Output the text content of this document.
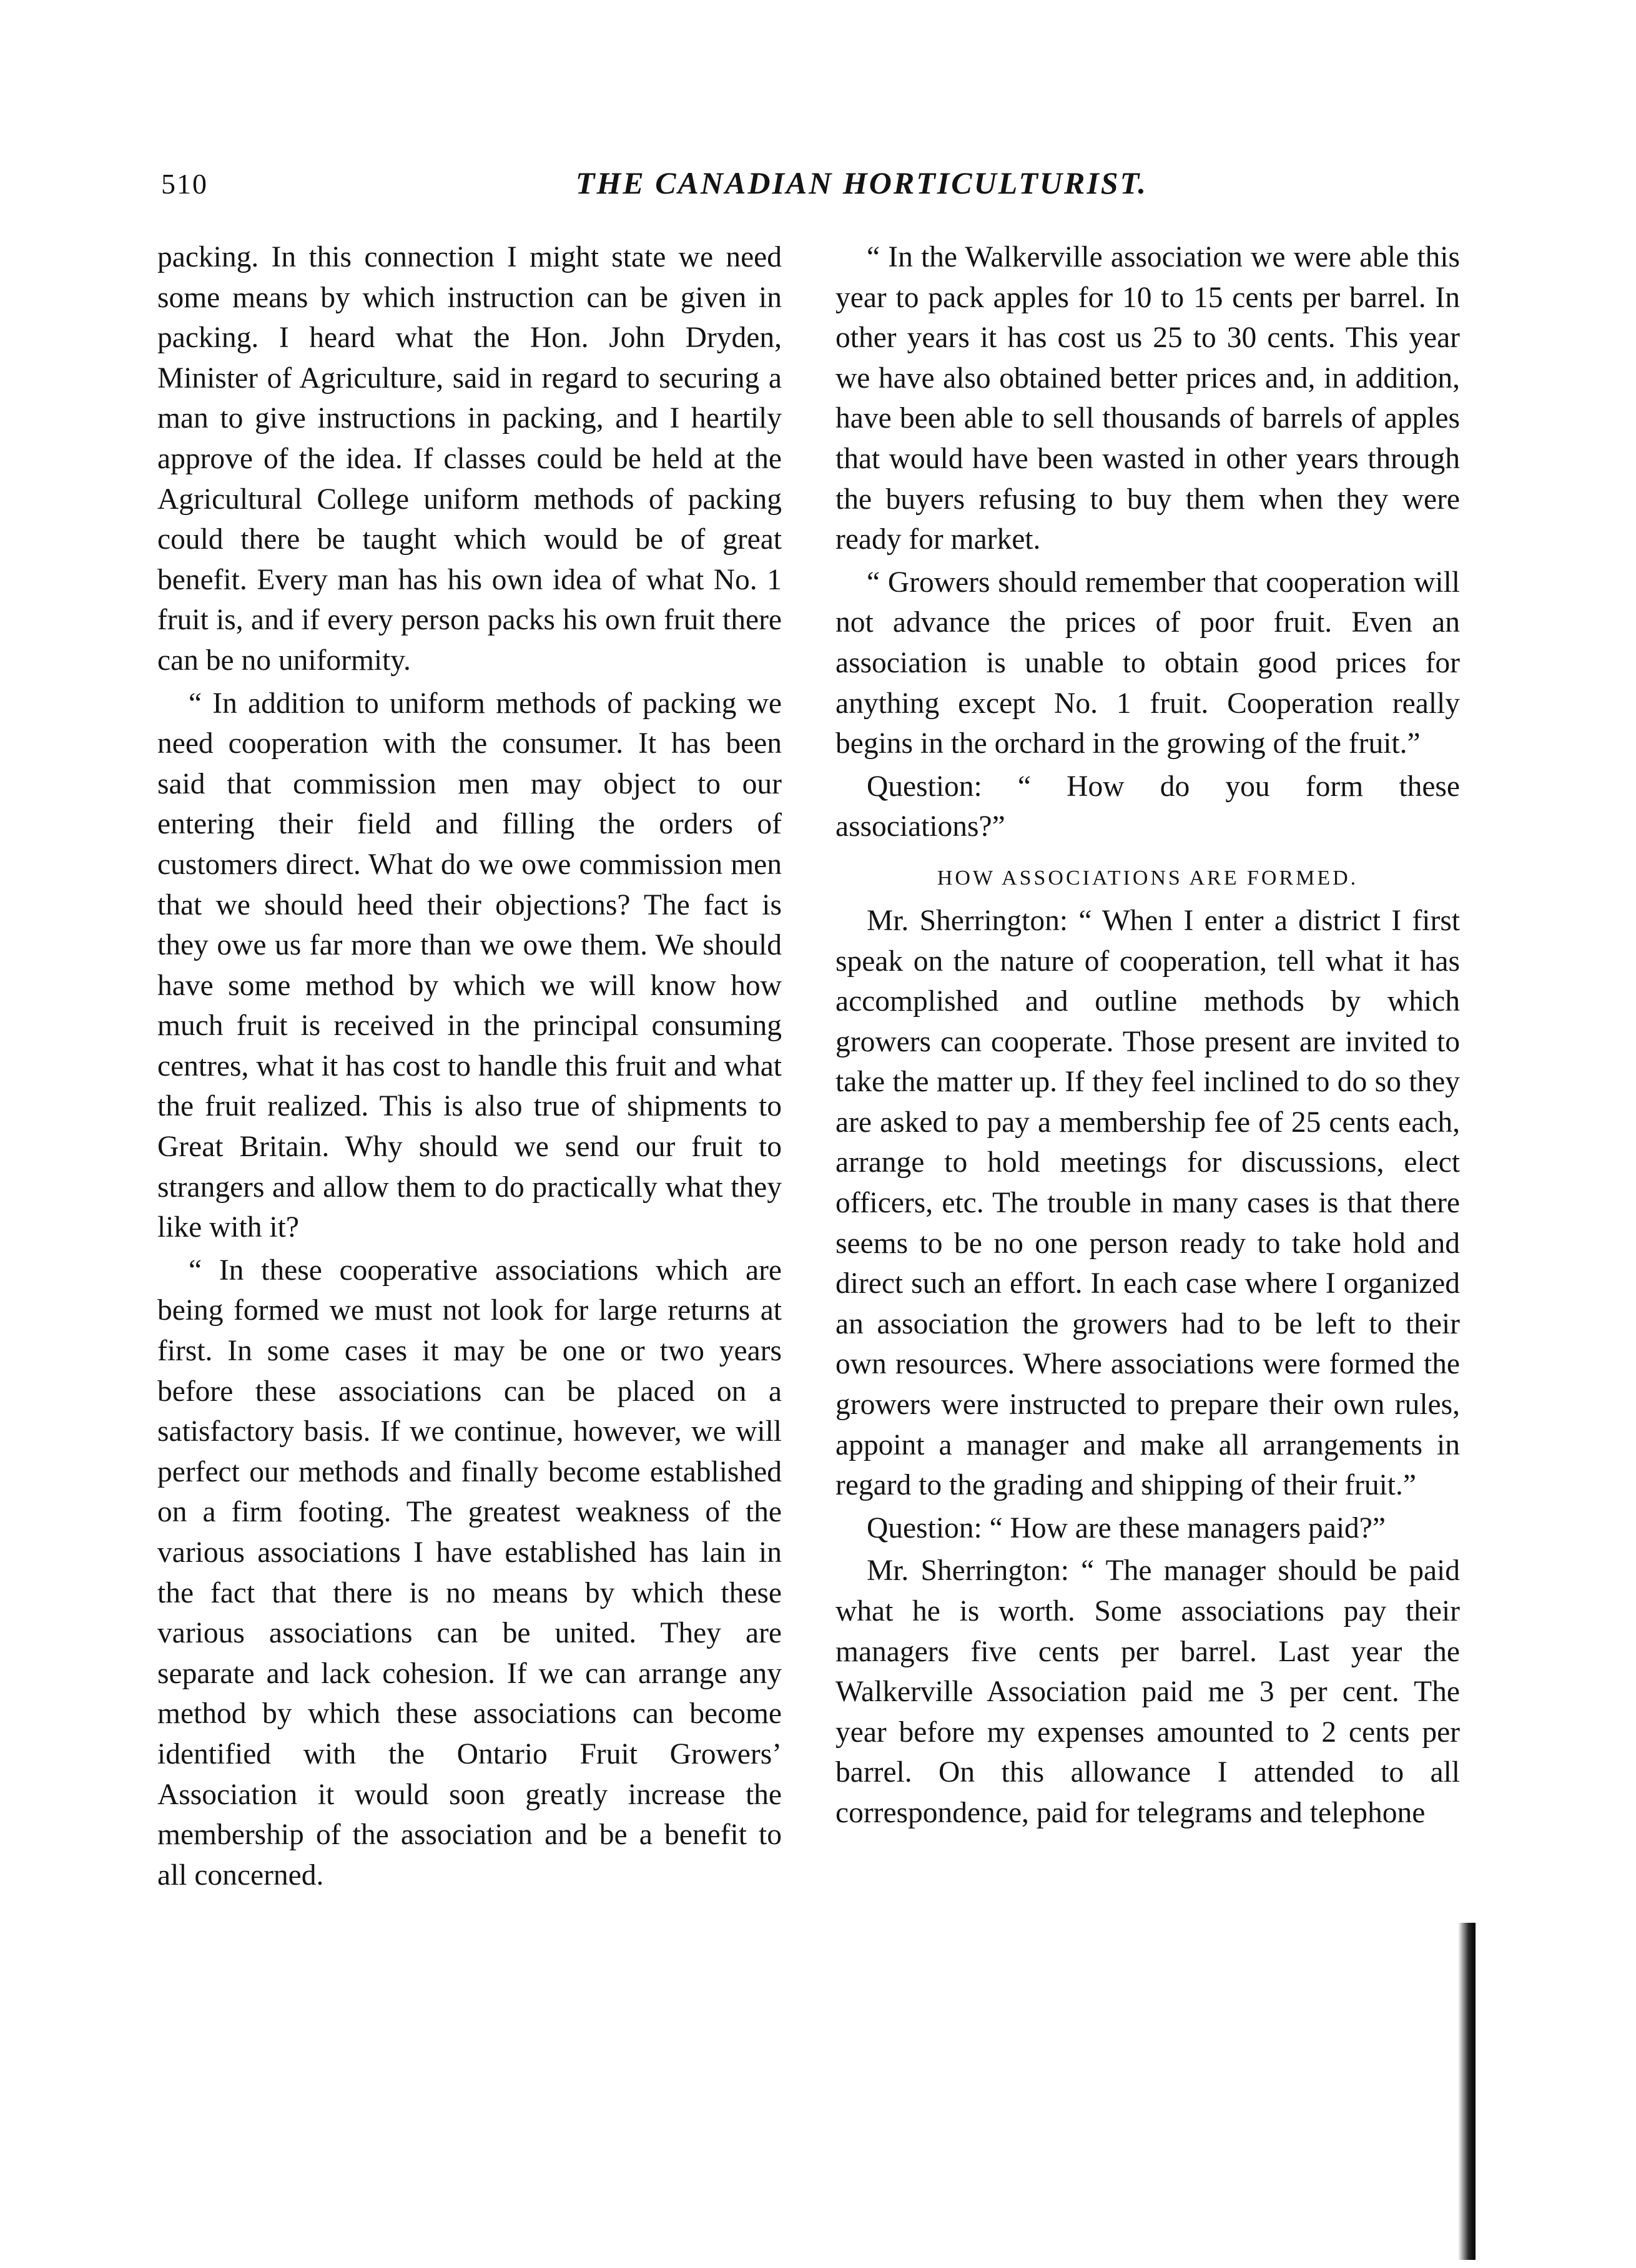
510	THE CANADIAN HORTICULTURIST.

packing. In this connection I might state we need some means by which instruction can be given in packing. I heard what the Hon. John Dryden, Minister of Agriculture, said in regard to securing a man to give instructions in packing, and I heartily approve of the idea. If classes could be held at the Agricultural College uniform methods of packing could there be taught which would be of great benefit. Every man has his own idea of what No. 1 fruit is, and if every person packs his own fruit there can be no uniformity.

“ In addition to uniform methods of packing we need cooperation with the consumer. It has been said that commission men may object to our entering their field and filling the orders of customers direct. What do we owe commission men that we should heed their objections? The fact is they owe us far more than we owe them. We should have some method by which we will know how much fruit is received in the principal consuming centres, what it has cost to handle this fruit and what the fruit realized. This is also true of shipments to Great Britain. Why should we send our fruit to strangers and allow them to do practically what they like with it?

“ In these cooperative associations which are being formed we must not look for large returns at first. In some cases it may be one or two years before these associations can be placed on a satisfactory basis. If we continue, however, we will perfect our methods and finally become established on a firm footing. The greatest weakness of the various associations I have established has lain in the fact that there is no means by which these various associations can be united. They are separate and lack cohesion. If we can arrange any method by which these associations can become identified with the Ontario Fruit Growers’ Association it would soon greatly increase the membership of the association and be a benefit to all concerned.

“ In the Walkerville association we were able this year to pack apples for 10 to 15 cents per barrel. In other years it has cost us 25 to 30 cents. This year we have also obtained better prices and, in addition, have been able to sell thousands of barrels of apples that would have been wasted in other years through the buyers refusing to buy them when they were ready for market.

“ Growers should remember that cooperation will not advance the prices of poor fruit. Even an association is unable to obtain good prices for anything except No. 1 fruit. Cooperation really begins in the orchard in the growing of the fruit.”

Question: “ How do you form these associations?”

HOW ASSOCIATIONS ARE FORMED.

Mr. Sherrington: “ When I enter a district I first speak on the nature of cooperation, tell what it has accomplished and outline methods by which growers can cooperate. Those present are invited to take the matter up. If they feel inclined to do so they are asked to pay a membership fee of 25 cents each, arrange to hold meetings for discussions, elect officers, etc. The trouble in many cases is that there seems to be no one person ready to take hold and direct such an effort. In each case where I organized an association the growers had to be left to their own resources. Where associations were formed the growers were instructed to prepare their own rules, appoint a manager and make all arrangements in regard to the grading and shipping of their fruit.”

Question: “ How are these managers paid?”

Mr. Sherrington: “ The manager should be paid what he is worth. Some associations pay their managers five cents per barrel. Last year the Walkerville Association paid me 3 per cent. The year before my expenses amounted to 2 cents per barrel. On this allowance I attended to all correspondence, paid for telegrams and telephone
